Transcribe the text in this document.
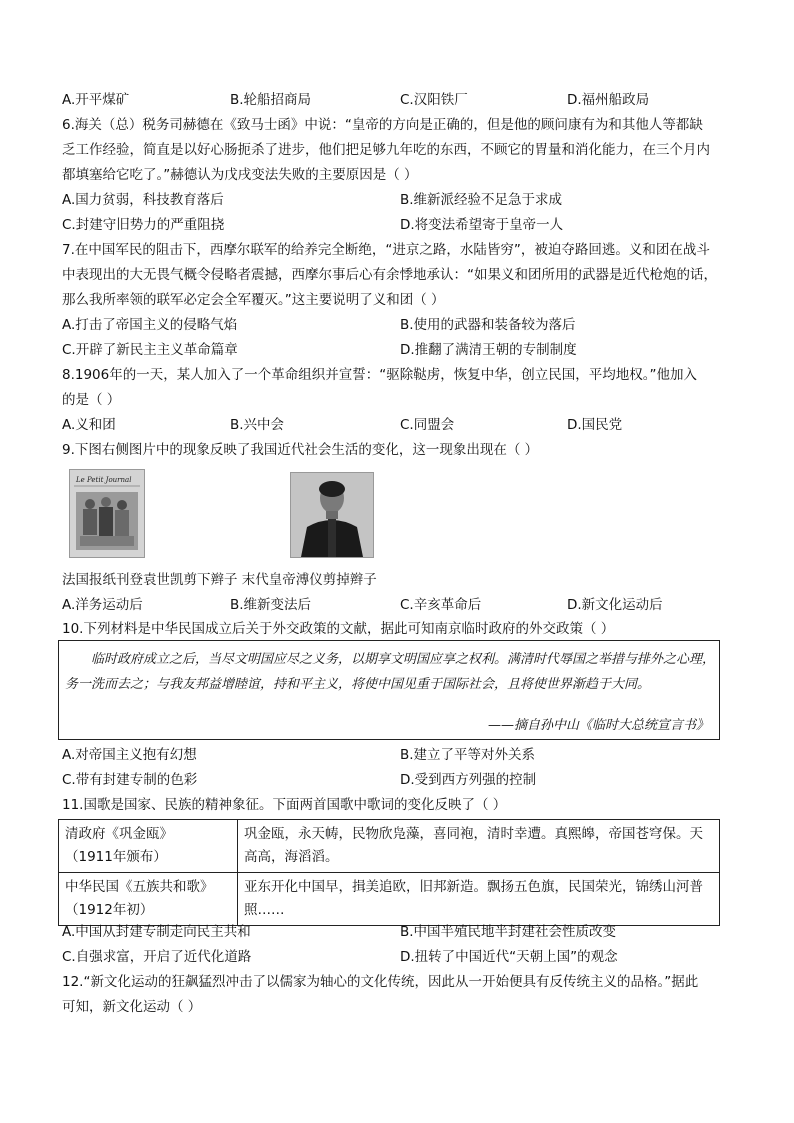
A.开平煤矿	B.轮船招商局	C.汉阳铁厂	D.福州船政局
6.海关（总）税务司赫德在《致马士函》中说：“皇帝的方向是正确的，但是他的顾问康有为和其他人等都缺
乏工作经验，简直是以好心肠扼杀了进步，他们把足够九年吃的东西，不顾它的胃量和消化能力，在三个月内
都填塞给它吃了。”赫德认为戊戌变法失败的主要原因是（ ）
A.国力贫弱，科技教育落后	B.维新派经验不足急于求成
C.封建守旧势力的严重阻挠	D.将变法希望寄于皇帝一人
7.在中国军民的阻击下，西摩尔联军的给养完全断绝，“进京之路，水陆皆穷”，被迫夺路回逃。义和团在战斗
中表现出的大无畏气概令侵略者震撼，西摩尔事后心有余悸地承认：“如果义和团所用的武器是近代枪炮的话，
那么我所率领的联军必定会全军覆灭。”这主要说明了义和团（ ）
A.打击了帝国主义的侵略气焰	B.使用的武器和装备较为落后
C.开辟了新民主主义革命篇章	D.推翻了满清王朝的专制制度
8.1906年的一天，某人加入了一个革命组织并宣誓：“驱除鞑虏，恢复中华，创立民国，平均地权。”他加入
的是（ ）
A.义和团	B.兴中会	C.同盟会	D.国民党
9.下图右侧图片中的现象反映了我国近代社会生活的变化，这一现象出现在（ ）
Le Petit Journal
法国报纸刊登袁世凯剪下辫子 末代皇帝溥仪剪掉辫子
A.洋务运动后	B.维新变法后	C.辛亥革命后	D.新文化运动后
10.下列材料是中华民国成立后关于外交政策的文献，据此可知南京临时政府的外交政策（ ）
临时政府成立之后，当尽文明国应尽之义务，以期享文明国应享之权利。满清时代辱国之举措与排外之心理，务一洗而去之；与我友邦益增睦谊，持和平主义，将使中国见重于国际社会，且将使世界渐趋于大同。
——摘自孙中山《临时大总统宣言书》
A.对帝国主义抱有幻想	B.建立了平等对外关系
C.带有封建专制的色彩	D.受到西方列强的控制
11.国歌是国家、民族的精神象征。下面两首国歌中歌词的变化反映了（ ）
清政府《巩金瓯》
（1911年颁布）	巩金瓯，永天帱，民物欣凫藻，喜同袍，清时幸遭。真熙皞，帝国苍穹保。天高高，海滔滔。

中华民国《五族共和歌》
（1912年初）	亚东开化中国早，揖美追欧，旧邦新造。飘扬五色旗，民国荣光，锦绣山河普照……
A.中国从封建专制走向民主共和	B.中国半殖民地半封建社会性质改变
C.自强求富，开启了近代化道路	D.扭转了中国近代“天朝上国”的观念
12.“新文化运动的狂飙猛烈冲击了以儒家为轴心的文化传统，因此从一开始便具有反传统主义的品格。”据此
可知，新文化运动（ ）
